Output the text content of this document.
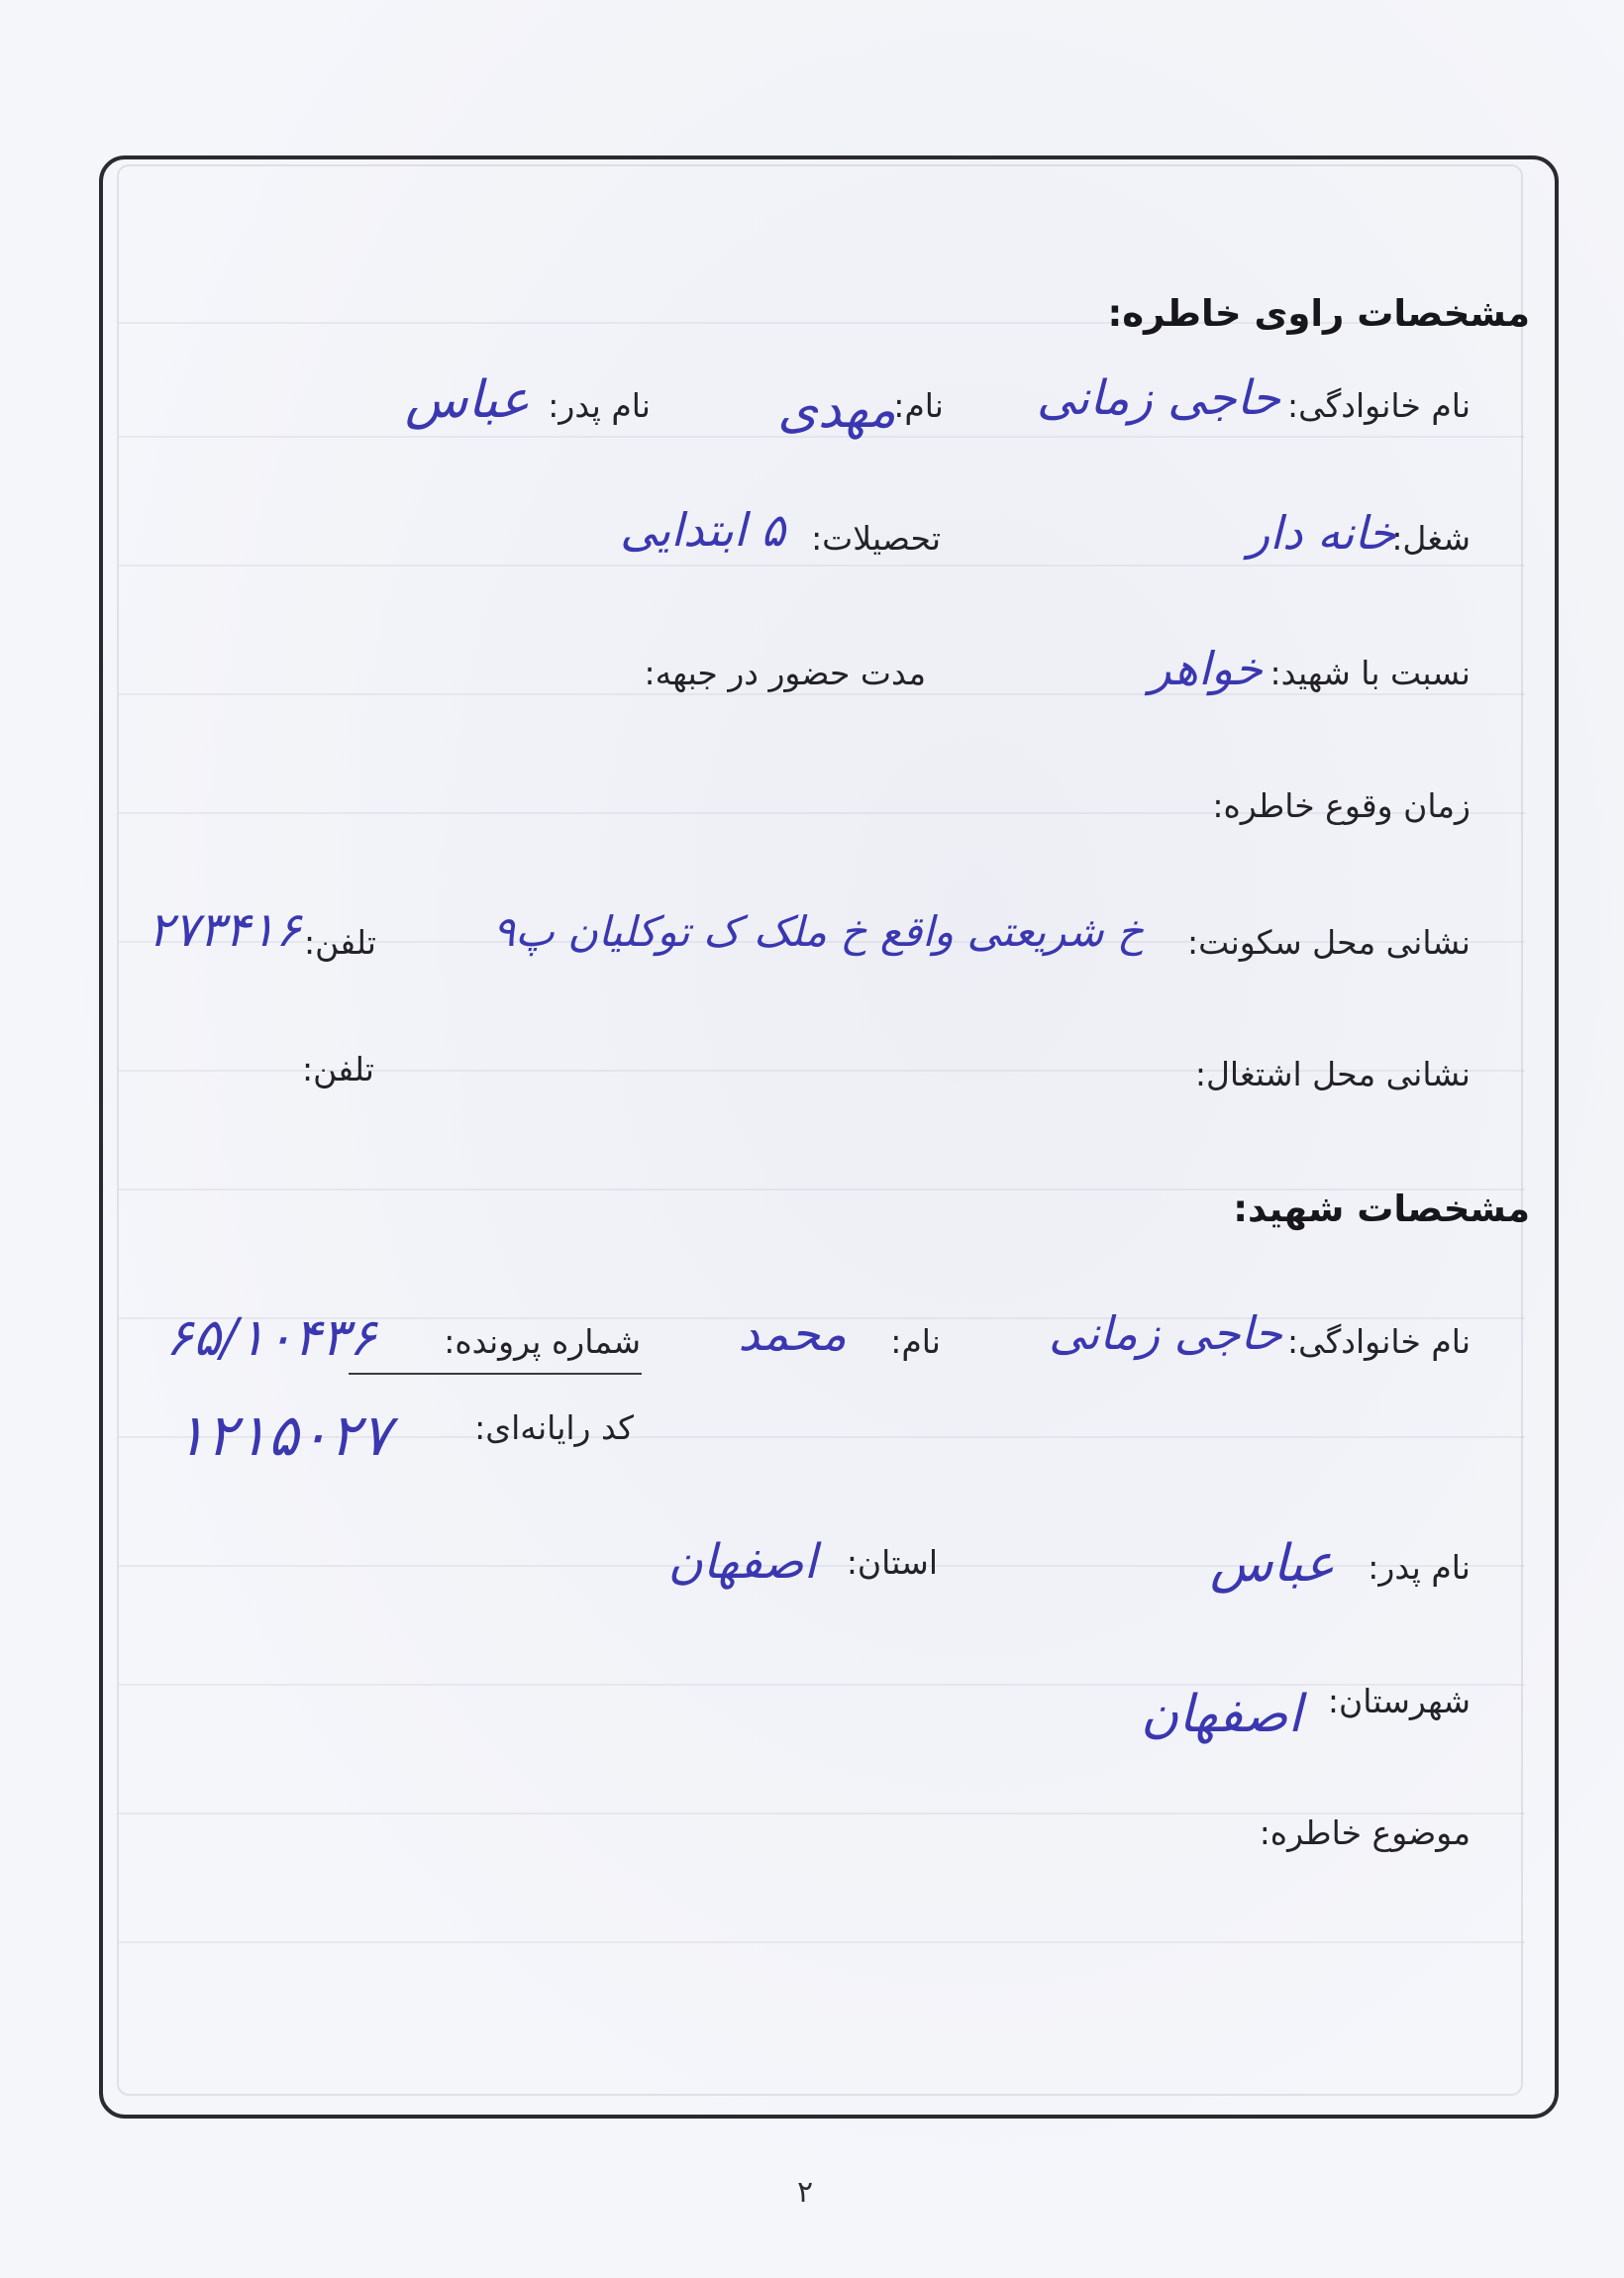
مشخصات راوی خاطره:
نام خانوادگی:
حاجی زمانی
نام:
مهدی
نام پدر:
عباس
شغل:
خانه دار
تحصیلات:
۵ ابتدایی
نسبت با شهید:
خواهر
مدت حضور در جبهه:
زمان وقوع خاطره:
نشانی محل سکونت:
خ شریعتی واقع خ ملک ک توکلیان پ۹
تلفن:
۲۷۳۴۱۶
نشانی محل اشتغال:
تلفن:
مشخصات شهید:
نام خانوادگی:
حاجی زمانی
نام:
محمد
شماره پرونده:
۶۵/۱۰۴۳۶
کد رایانه‌ای:
۱۲۱۵۰۲۷
نام پدر:
عباس
استان:
اصفهان
شهرستان:
اصفهان
موضوع خاطره:
۲
